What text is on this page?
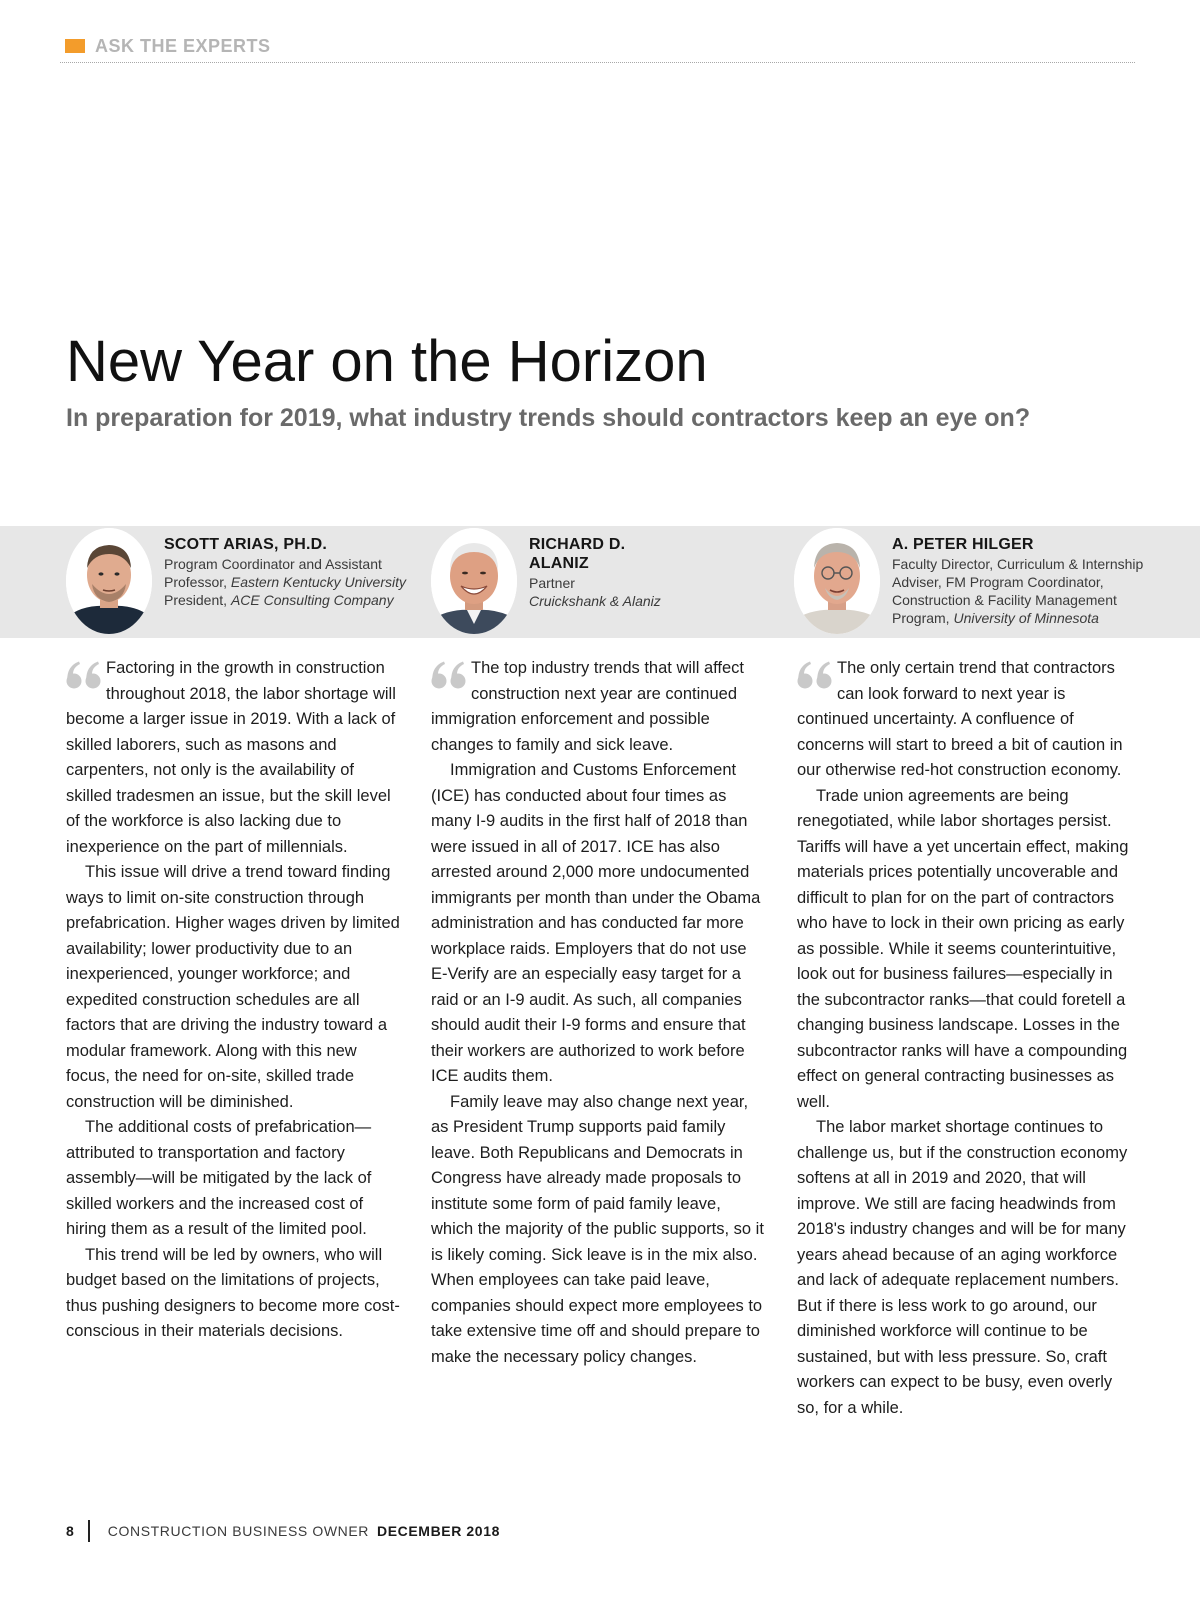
ASK THE EXPERTS
New Year on the Horizon
In preparation for 2019, what industry trends should contractors keep an eye on?
SCOTT ARIAS, PH.D.
Program Coordinator and Assistant
Professor, Eastern Kentucky University
President, ACE Consulting Company
RICHARD D. ALANIZ
Partner
Cruickshank & Alaniz
A. PETER HILGER
Faculty Director, Curriculum & Internship
Adviser, FM Program Coordinator,
Construction & Facility Management
Program, University of Minnesota

Factoring in the growth in construction throughout 2018, the labor shortage will become a larger issue in 2019. With a lack of skilled laborers, such as masons and carpenters, not only is the availability of skilled tradesmen an issue, but the skill level of the workforce is also lacking due to inexperience on the part of millennials.

This issue will drive a trend toward finding ways to limit on-site construction through prefabrication. Higher wages driven by limited availability; lower productivity due to an inexperienced, younger workforce; and expedited construction schedules are all factors that are driving the industry toward a modular framework. Along with this new focus, the need for on-site, skilled trade construction will be diminished.

The additional costs of prefabrication—attributed to transportation and factory assembly—will be mitigated by the lack of skilled workers and the increased cost of hiring them as a result of the limited pool.

This trend will be led by owners, who will budget based on the limitations of projects, thus pushing designers to become more cost-conscious in their materials decisions.

The top industry trends that will affect construction next year are continued immigration enforcement and possible changes to family and sick leave.

Immigration and Customs Enforcement (ICE) has conducted about four times as many I-9 audits in the first half of 2018 than were issued in all of 2017. ICE has also arrested around 2,000 more undocumented immigrants per month than under the Obama administration and has conducted far more workplace raids. Employers that do not use E-Verify are an especially easy target for a raid or an I-9 audit. As such, all companies should audit their I-9 forms and ensure that their workers are authorized to work before ICE audits them.

Family leave may also change next year, as President Trump supports paid family leave. Both Republicans and Democrats in Congress have already made proposals to institute some form of paid family leave, which the majority of the public supports, so it is likely coming. Sick leave is in the mix also. When employees can take paid leave, companies should expect more employees to take extensive time off and should prepare to make the necessary policy changes.

The only certain trend that contractors can look forward to next year is continued uncertainty. A confluence of concerns will start to breed a bit of caution in our otherwise red-hot construction economy.

Trade union agreements are being renegotiated, while labor shortages persist. Tariffs will have a yet uncertain effect, making materials prices potentially uncoverable and difficult to plan for on the part of contractors who have to lock in their own pricing as early as possible. While it seems counterintuitive, look out for business failures—especially in the subcontractor ranks—that could foretell a changing business landscape. Losses in the subcontractor ranks will have a compounding effect on general contracting businesses as well.

The labor market shortage continues to challenge us, but if the construction economy softens at all in 2019 and 2020, that will improve. We still are facing headwinds from 2018's industry changes and will be for many years ahead because of an aging workforce and lack of adequate replacement numbers. But if there is less work to go around, our diminished workforce will continue to be sustained, but with less pressure. So, craft workers can expect to be busy, even overly so, for a while.

8 CONSTRUCTION BUSINESS OWNER DECEMBER 2018
